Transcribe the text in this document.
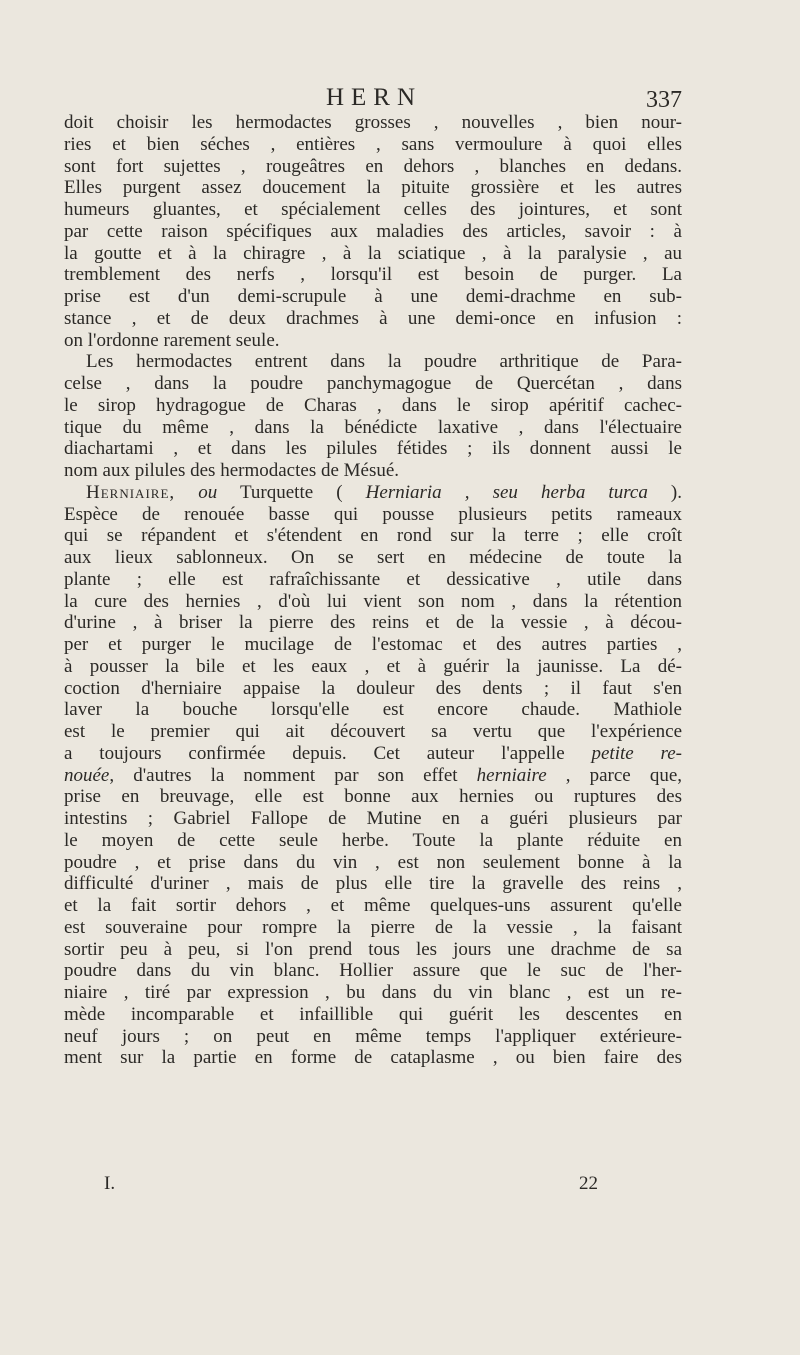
HERN	337
doit choisir les hermodactes grosses , nouvelles , bien nour-
ries et bien séches , entières , sans vermoulure à quoi elles
sont fort sujettes , rougeâtres en dehors , blanches en dedans.
Elles purgent assez doucement la pituite grossière et les autres
humeurs gluantes, et spécialement celles des jointures, et sont
par cette raison spécifiques aux maladies des articles, savoir : à
la goutte et à la chiragre , à la sciatique , à la paralysie , au
tremblement des nerfs , lorsqu'il est besoin de purger. La
prise est d'un demi-scrupule à une demi-drachme en sub-
stance , et de deux drachmes à une demi-once en infusion :
on l'ordonne rarement seule.
Les hermodactes entrent dans la poudre arthritique de Para-
celse , dans la poudre panchymagogue de Quercétan , dans
le sirop hydragogue de Charas , dans le sirop apéritif cachec-
tique du même , dans la bénédicte laxative , dans l'électuaire
diachartami , et dans les pilules fétides ; ils donnent aussi le
nom aux pilules des hermodactes de Mésué.
Herniaire, ou Turquette ( Herniaria , seu herba turca ).
Espèce de renouée basse qui pousse plusieurs petits rameaux
qui se répandent et s'étendent en rond sur la terre ; elle croît
aux lieux sablonneux. On se sert en médecine de toute la
plante ; elle est rafraîchissante et dessicative , utile dans
la cure des hernies , d'où lui vient son nom , dans la rétention
d'urine , à briser la pierre des reins et de la vessie , à décou-
per et purger le mucilage de l'estomac et des autres parties ,
à pousser la bile et les eaux , et à guérir la jaunisse. La dé-
coction d'herniaire appaise la douleur des dents ; il faut s'en
laver la bouche lorsqu'elle est encore chaude. Mathiole
est le premier qui ait découvert sa vertu que l'expérience
a toujours confirmée depuis. Cet auteur l'appelle petite re-
nouée, d'autres la nomment par son effet herniaire , parce que,
prise en breuvage, elle est bonne aux hernies ou ruptures des
intestins ; Gabriel Fallope de Mutine en a guéri plusieurs par
le moyen de cette seule herbe. Toute la plante réduite en
poudre , et prise dans du vin , est non seulement bonne à la
difficulté d'uriner , mais de plus elle tire la gravelle des reins ,
et la fait sortir dehors , et même quelques-uns assurent qu'elle
est souveraine pour rompre la pierre de la vessie , la faisant
sortir peu à peu, si l'on prend tous les jours une drachme de sa
poudre dans du vin blanc. Hollier assure que le suc de l'her-
niaire , tiré par expression , bu dans du vin blanc , est un re-
mède incomparable et infaillible qui guérit les descentes en
neuf jours ; on peut en même temps l'appliquer extérieure-
ment sur la partie en forme de cataplasme , ou bien faire des
I.	22
